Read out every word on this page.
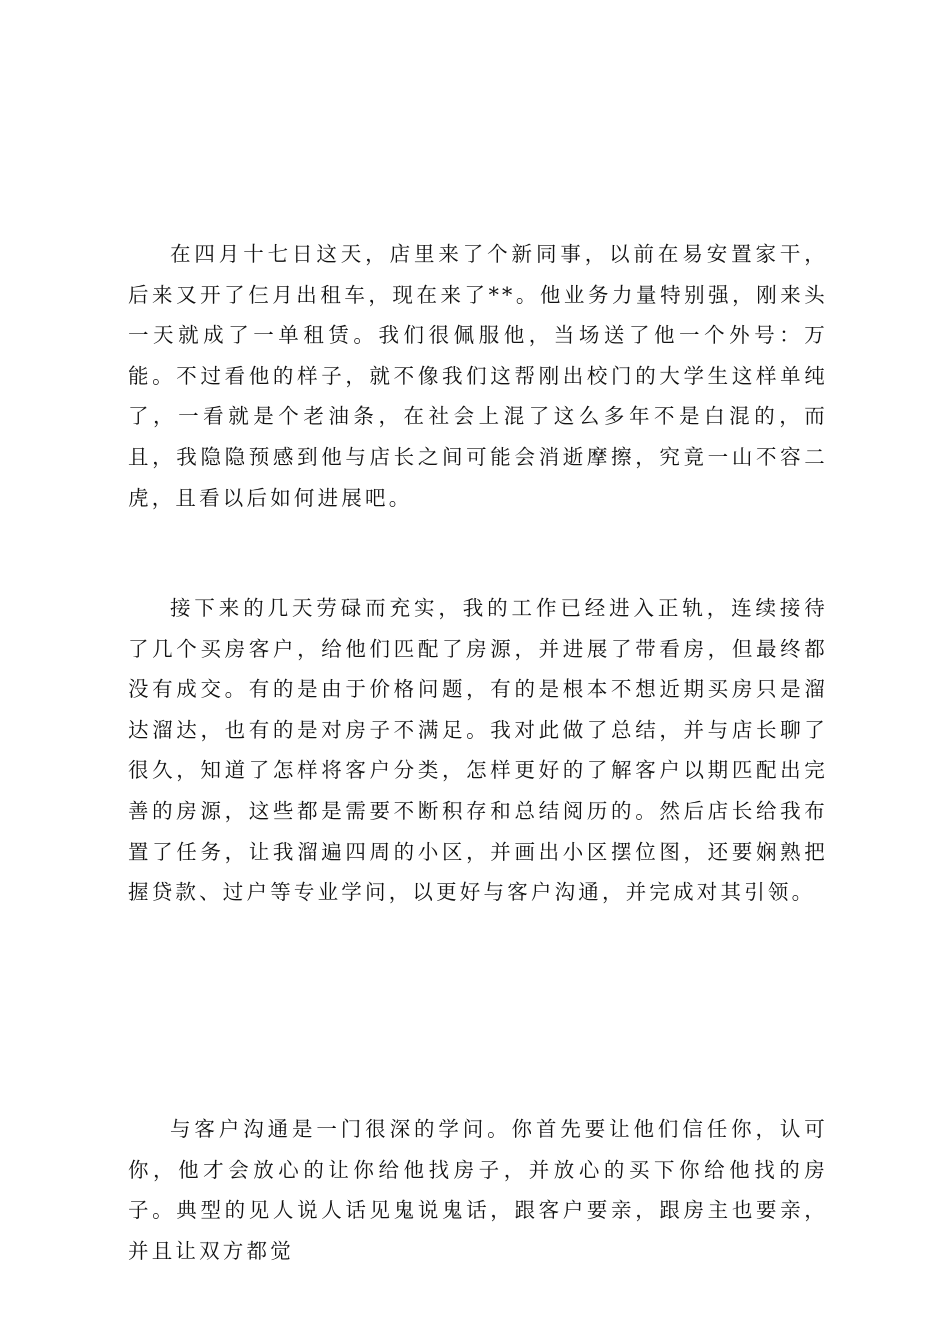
在四月十七日这天，店里来了个新同事，以前在易安置家干，后来又开了仨月出租车，现在来了**。他业务力量特别强，刚来头一天就成了一单租赁。我们很佩服他，当场送了他一个外号：万能。不过看他的样子，就不像我们这帮刚出校门的大学生这样单纯了，一看就是个老油条，在社会上混了这么多年不是白混的，而且，我隐隐预感到他与店长之间可能会消逝摩擦，究竟一山不容二虎，且看以后如何进展吧。

接下来的几天劳碌而充实，我的工作已经进入正轨，连续接待了几个买房客户，给他们匹配了房源，并进展了带看房，但最终都没有成交。有的是由于价格问题，有的是根本不想近期买房只是溜达溜达，也有的是对房子不满足。我对此做了总结，并与店长聊了很久，知道了怎样将客户分类，怎样更好的了解客户以期匹配出完善的房源，这些都是需要不断积存和总结阅历的。然后店长给我布置了任务，让我溜遍四周的小区，并画出小区摆位图，还要娴熟把握贷款、过户等专业学问，以更好与客户沟通，并完成对其引领。

与客户沟通是一门很深的学问。你首先要让他们信任你，认可你，他才会放心的让你给他找房子，并放心的买下你给他找的房子。典型的见人说人话见鬼说鬼话，跟客户要亲，跟房主也要亲，并且让双方都觉
